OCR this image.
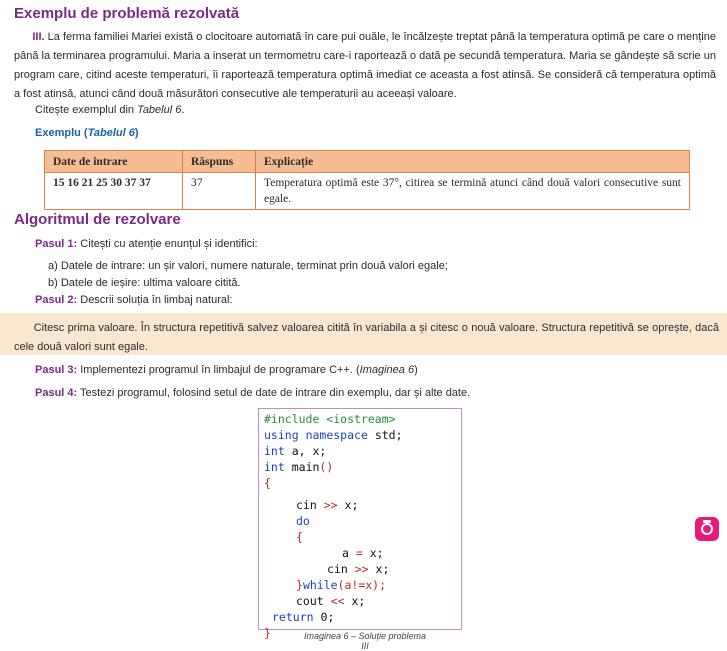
Exemplu de problemă rezolvată

III. La ferma familiei Mariei există o clocitoare automată în care pui ouăle, le încălzește treptat până la temperatura optimă pe care o menține până la terminarea programului. Maria a inserat un termometru care-i raportează o dată pe secundă temperatura. Maria se gândește să scrie un program care, citind aceste temperaturi, îi raportează temperatura optimă imediat ce aceasta a fost atinsă. Se consideră că temperatura optimă a fost atinsă, atunci când două măsurători consecutive ale temperaturii au aceeași valoare.

Citește exemplul din Tabelul 6.

Exemplu (Tabelul 6)

Date de intrare	Răspuns	Explicație
15 16 21 25 30 37 37	37	Temperatura optimă este 37°, citirea se termină atunci când două valori consecutive sunt egale.
Algoritmul de rezolvare

Pasul 1: Citești cu atenție enunțul și identifici:

a) Datele de intrare: un șir valori, numere naturale, terminat prin două valori egale;

b) Datele de ieșire: ultima valoare citită.

Pasul 2: Descrii soluția în limbaj natural:

Citesc prima valoare. În structura repetitivă salvez valoarea citită în variabila a și citesc o nouă valoare. Structura repetitivă se oprește, dacă cele două valori sunt egale.

Pasul 3: Implementezi programul în limbajul de programare C++. (Imaginea 6)

Pasul 4: Testezi programul, folosind setul de date de intrare din exemplu, dar și alte date.

#include <iostream>
using namespace std;
int a, x;
int main()
{
cin >> x;
do
{
a = x;
cin >> x;
}while(a!=x);
cout << x;
return 0;
}	Imaginea 6 – Soluție problema III
